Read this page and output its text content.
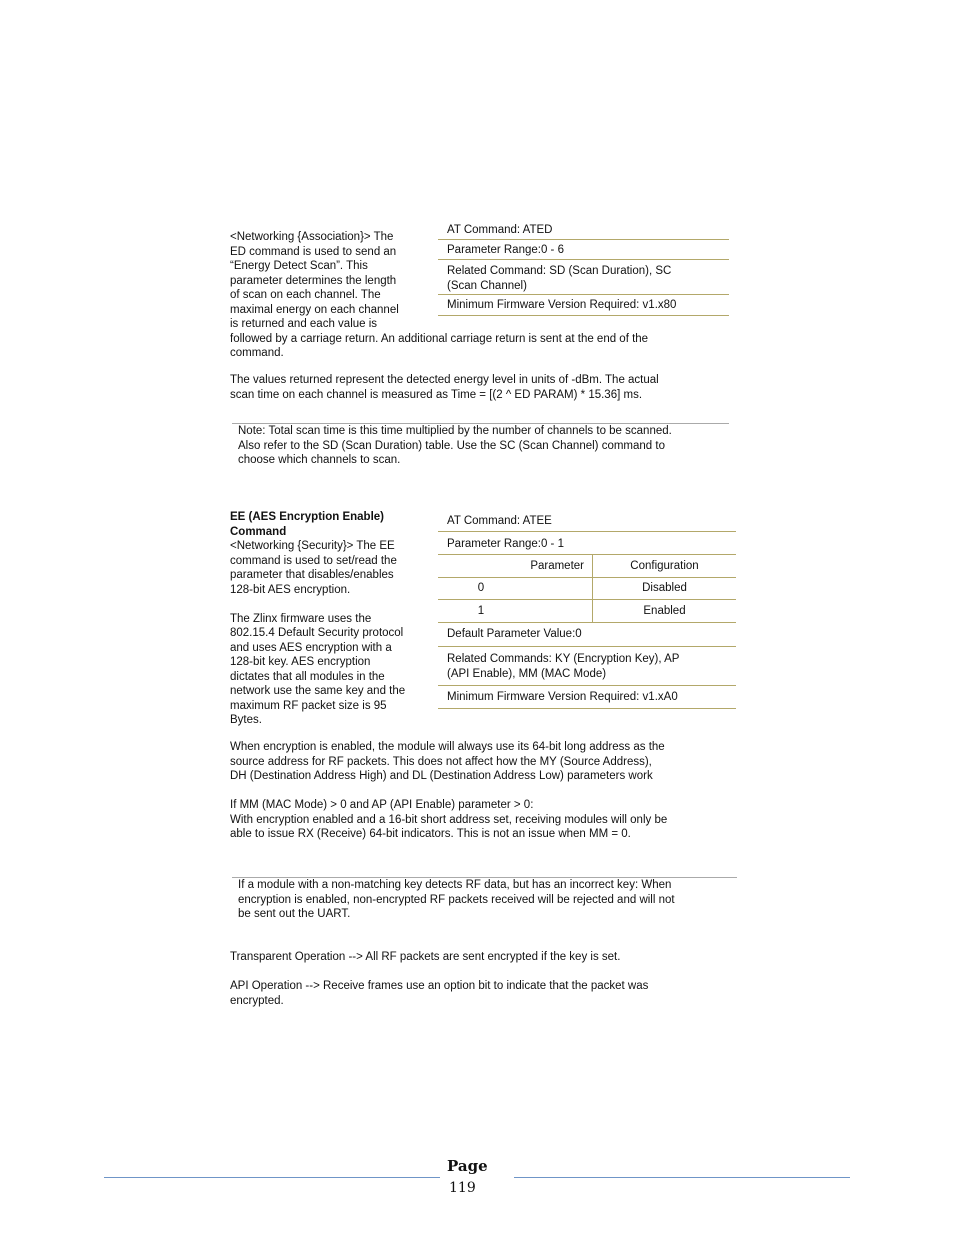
<Networking {Association}> The
ED command is used to send an
“Energy Detect Scan”. This
parameter determines the length
of scan on each channel. The
maximal energy on each channel
is returned and each value is
followed by a carriage return. An additional carriage return is sent at the end of the
command.
AT Command: ATED
Parameter Range:0 - 6
Related Command: SD (Scan Duration), SC
(Scan Channel)
Minimum Firmware Version Required: v1.x80
The values returned represent the detected energy level in units of -dBm. The actual
scan time on each channel is measured as Time = [(2 ^ ED PARAM) * 15.36] ms.
Note: Total scan time is this time multiplied by the number of channels to be scanned.
Also refer to the SD (Scan Duration) table. Use the SC (Scan Channel) command to
choose which channels to scan.
EE (AES Encryption Enable)
Command
<Networking {Security}> The EE
command is used to set/read the
parameter that disables/enables
128-bit AES encryption.
The Zlinx firmware uses the
802.15.4 Default Security protocol
and uses AES encryption with a
128-bit key. AES encryption
dictates that all modules in the
network use the same key and the
maximum RF packet size is 95
Bytes.
AT Command: ATEE
Parameter Range:0 - 1
Parameter	Configuration
0	Disabled
1	Enabled
Default Parameter Value:0
Related Commands: KY (Encryption Key), AP
(API Enable), MM (MAC Mode)
Minimum Firmware Version Required: v1.xA0
When encryption is enabled, the module will always use its 64-bit long address as the
source address for RF packets. This does not affect how the MY (Source Address),
DH (Destination Address High) and DL (Destination Address Low) parameters work
If MM (MAC Mode) > 0 and AP (API Enable) parameter > 0:
With encryption enabled and a 16-bit short address set, receiving modules will only be
able to issue RX (Receive) 64-bit indicators. This is not an issue when MM = 0.
If a module with a non-matching key detects RF data, but has an incorrect key: When
encryption is enabled, non-encrypted RF packets received will be rejected and will not
be sent out the UART.
Transparent Operation --> All RF packets are sent encrypted if the key is set.
API Operation --> Receive frames use an option bit to indicate that the packet was
encrypted.
Page
119
